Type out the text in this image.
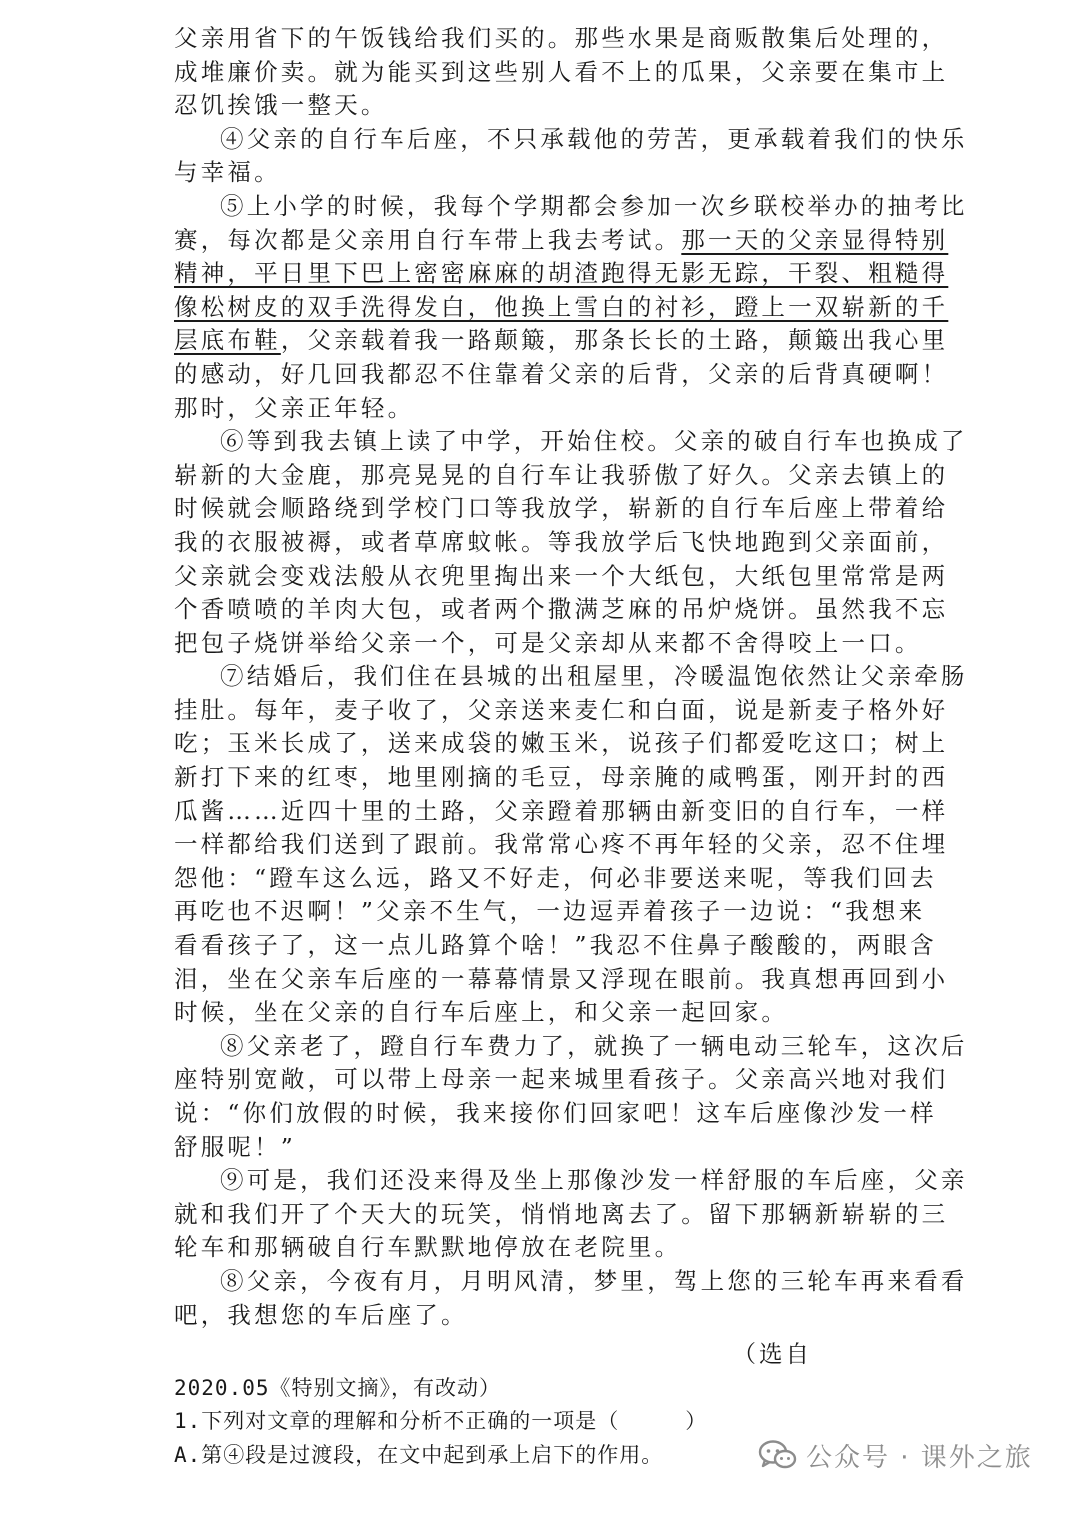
父亲用省下的午饭钱给我们买的。那些水果是商贩散集后处理的，
成堆廉价卖。就为能买到这些别人看不上的瓜果，父亲要在集市上
忍饥挨饿一整天。
④父亲的自行车后座，不只承载他的劳苦，更承载着我们的快乐
与幸福。
⑤上小学的时候，我每个学期都会参加一次乡联校举办的抽考比
赛，每次都是父亲用自行车带上我去考试。那一天的父亲显得特别
精神，平日里下巴上密密麻麻的胡渣跑得无影无踪，干裂、粗糙得
像松树皮的双手洗得发白，他换上雪白的衬衫，蹬上一双崭新的千
层底布鞋，父亲载着我一路颠簸，那条长长的土路，颠簸出我心里
的感动，好几回我都忍不住靠着父亲的后背，父亲的后背真硬啊！
那时，父亲正年轻。
⑥等到我去镇上读了中学，开始住校。父亲的破自行车也换成了
崭新的大金鹿，那亮晃晃的自行车让我骄傲了好久。父亲去镇上的
时候就会顺路绕到学校门口等我放学，崭新的自行车后座上带着给
我的衣服被褥，或者草席蚊帐。等我放学后飞快地跑到父亲面前，
父亲就会变戏法般从衣兜里掏出来一个大纸包，大纸包里常常是两
个香喷喷的羊肉大包，或者两个撒满芝麻的吊炉烧饼。虽然我不忘
把包子烧饼举给父亲一个，可是父亲却从来都不舍得咬上一口。
⑦结婚后，我们住在县城的出租屋里，冷暖温饱依然让父亲牵肠
挂肚。每年，麦子收了，父亲送来麦仁和白面，说是新麦子格外好
吃；玉米长成了，送来成袋的嫩玉米，说孩子们都爱吃这口；树上
新打下来的红枣，地里刚摘的毛豆，母亲腌的咸鸭蛋，刚开封的西
瓜酱……近四十里的土路，父亲蹬着那辆由新变旧的自行车，一样
一样都给我们送到了跟前。我常常心疼不再年轻的父亲，忍不住埋
怨他：“蹬车这么远，路又不好走，何必非要送来呢，等我们回去
再吃也不迟啊！”父亲不生气，一边逗弄着孩子一边说：“我想来
看看孩子了，这一点儿路算个啥！”我忍不住鼻子酸酸的，两眼含
泪，坐在父亲车后座的一幕幕情景又浮现在眼前。我真想再回到小
时候，坐在父亲的自行车后座上，和父亲一起回家。
⑧父亲老了，蹬自行车费力了，就换了一辆电动三轮车，这次后
座特别宽敞，可以带上母亲一起来城里看孩子。父亲高兴地对我们
说：“你们放假的时候，我来接你们回家吧！这车后座像沙发一样
舒服呢！”
⑨可是，我们还没来得及坐上那像沙发一样舒服的车后座，父亲
就和我们开了个天大的玩笑，悄悄地离去了。留下那辆新崭崭的三
轮车和那辆破自行车默默地停放在老院里。
⑧父亲，今夜有月，月明风清，梦里，驾上您的三轮车再来看看
吧，我想您的车后座了。
（选自
2020.05《特别文摘》，有改动）
1.下列对文章的理解和分析不正确的一项是（　　　）
A.第④段是过渡段，在文中起到承上启下的作用。	公众号 · 课外之旅
